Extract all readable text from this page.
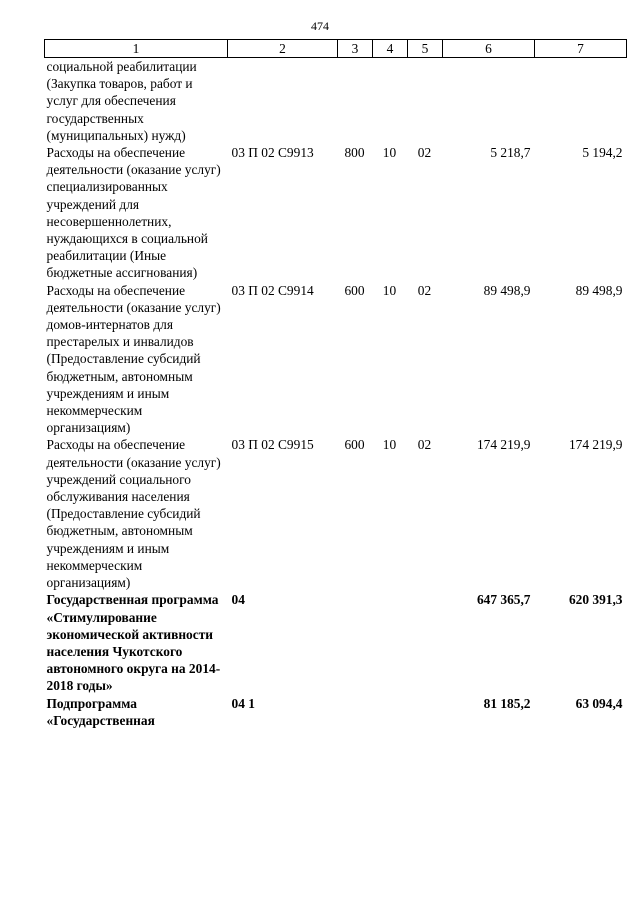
474
1	2	3	4	5	6	7
социальной реабилитации (Закупка товаров, работ и услуг для обеспечения государственных (муниципальных) нужд)						
Расходы на обеспечение деятельности (оказание услуг) специализированных учреждений для несовершеннолетних, нуждающихся в социальной реабилитации (Иные бюджетные ассигнования)	03 П 02 С9913	800	10	02	5 218,7	5 194,2
Расходы на обеспечение деятельности (оказание услуг) домов-интернатов для престарелых и инвалидов (Предоставление субсидий бюджетным, автономным учреждениям и иным некоммерческим организациям)	03 П 02 С9914	600	10	02	89 498,9	89 498,9
Расходы на обеспечение деятельности (оказание услуг) учреждений социального обслуживания населения (Предоставление субсидий бюджетным, автономным учреждениям и иным некоммерческим организациям)	03 П 02 С9915	600	10	02	174 219,9	174 219,9
Государственная программа «Стимулирование экономической активности населения Чукотского автономного округа на 2014-2018 годы»	04				647 365,7	620 391,3
Подпрограмма «Государственная	04 1				81 185,2	63 094,4
